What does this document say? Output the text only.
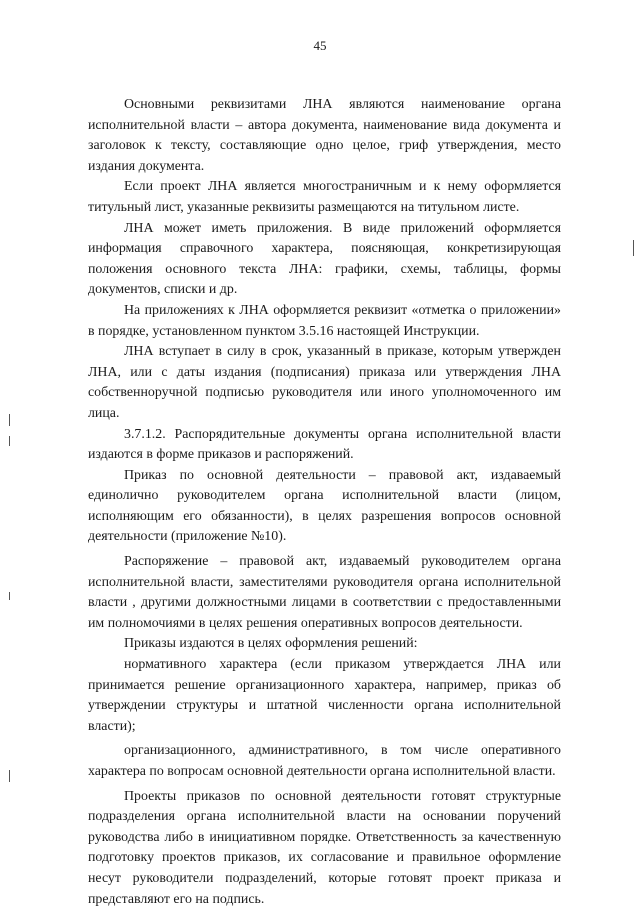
45

Основными реквизитами ЛНА являются наименование органа исполнительной власти – автора документа, наименование вида документа и заголовок к тексту, составляющие одно целое, гриф утверждения, место издания документа.

Если проект ЛНА является многостраничным и к нему оформляется титульный лист, указанные реквизиты размещаются на титульном листе.

ЛНА может иметь приложения. В виде приложений оформляется информация справочного характера, поясняющая, конкретизирующая положения основного текста ЛНА: графики, схемы, таблицы, формы документов, списки и др.

На приложениях к ЛНА оформляется реквизит «отметка о приложении» в порядке, установленном пунктом 3.5.16 настоящей Инструкции.

ЛНА вступает в силу в срок, указанный в приказе, которым утвержден ЛНА, или с даты издания (подписания) приказа или утверждения ЛНА собственноручной подписью руководителя или иного уполномоченного им лица.

3.7.1.2. Распорядительные документы органа исполнительной власти издаются в форме приказов и распоряжений.

Приказ по основной деятельности – правовой акт, издаваемый единолично руководителем органа исполнительной власти (лицом, исполняющим его обязанности), в целях разрешения вопросов основной деятельности (приложение №10).

Распоряжение – правовой акт, издаваемый руководителем органа исполнительной власти, заместителями руководителя органа исполнительной власти , другими должностными лицами в соответствии с предоставленными им полномочиями в целях решения оперативных вопросов деятельности.

Приказы издаются в целях оформления решений:

нормативного характера (если приказом утверждается ЛНА или принимается решение организационного характера, например, приказ об утверждении структуры и штатной численности органа исполнительной власти);

организационного, административного, в том числе оперативного характера по вопросам основной деятельности органа исполнительной власти.

Проекты приказов по основной деятельности готовят структурные подразделения органа исполнительной власти на основании поручений руководства либо в инициативном порядке. Ответственность за качественную подготовку проектов приказов, их согласование и правильное оформление несут руководители подразделений, которые готовят проект приказа и представляют его на подпись.
